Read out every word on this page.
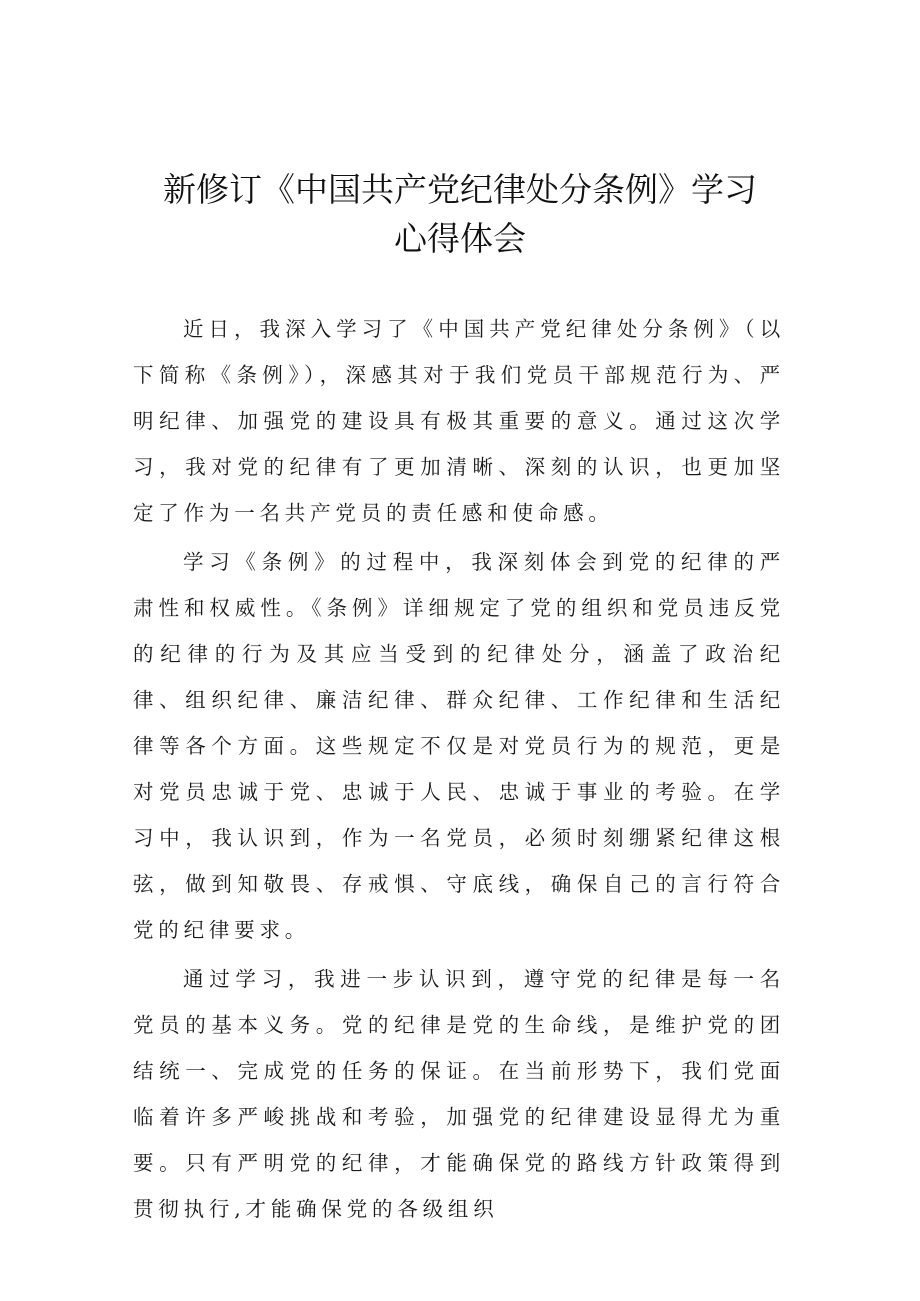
新修订《中国共产党纪律处分条例》学习
心得体会

近日，我深入学习了《中国共产党纪律处分条例》（以下简称《条例》），深感其对于我们党员干部规范行为、严明纪律、加强党的建设具有极其重要的意义。通过这次学习，我对党的纪律有了更加清晰、深刻的认识，也更加坚定了作为一名共产党员的责任感和使命感。

学习《条例》的过程中，我深刻体会到党的纪律的严肃性和权威性。《条例》详细规定了党的组织和党员违反党的纪律的行为及其应当受到的纪律处分，涵盖了政治纪律、组织纪律、廉洁纪律、群众纪律、工作纪律和生活纪律等各个方面。这些规定不仅是对党员行为的规范，更是对党员忠诚于党、忠诚于人民、忠诚于事业的考验。在学习中，我认识到，作为一名党员，必须时刻绷紧纪律这根弦，做到知敬畏、存戒惧、守底线，确保自己的言行符合党的纪律要求。

通过学习，我进一步认识到，遵守党的纪律是每一名党员的基本义务。党的纪律是党的生命线，是维护党的团结统一、完成党的任务的保证。在当前形势下，我们党面临着许多严峻挑战和考验，加强党的纪律建设显得尤为重要。只有严明党的纪律，才能确保党的路线方针政策得到贯彻执行,才能确保党的各级组织
